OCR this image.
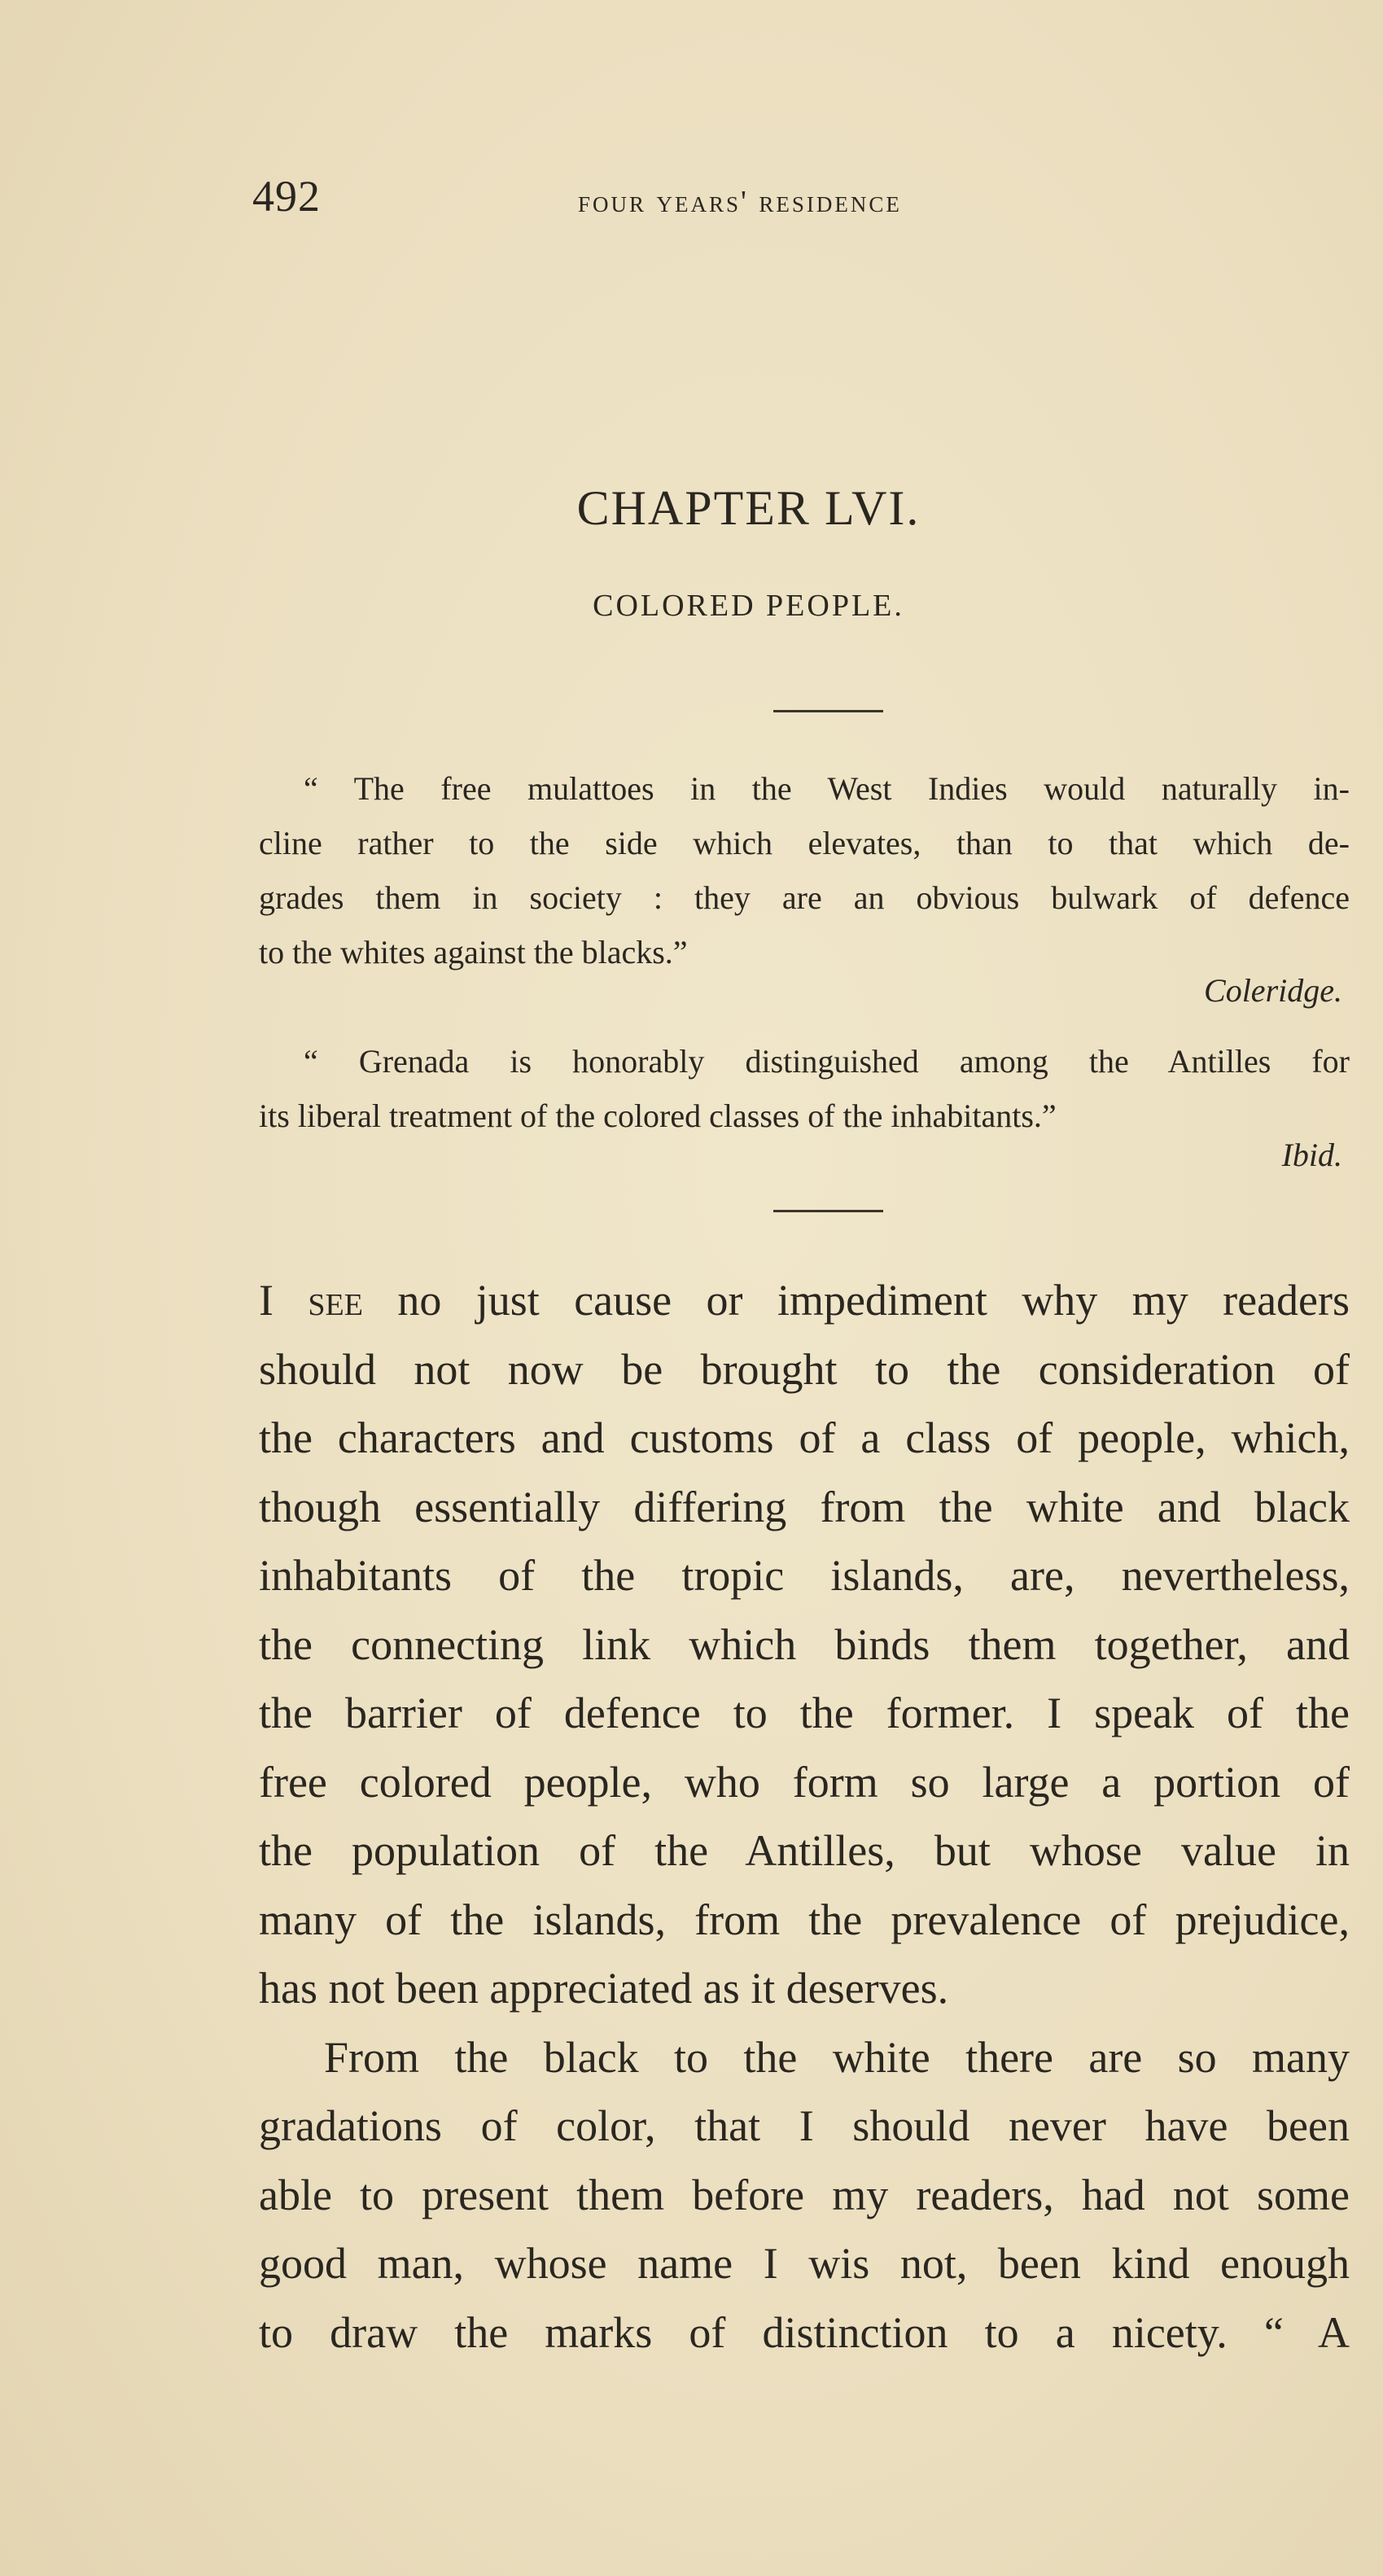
492	four years' residence
CHAPTER LVI.
COLORED PEOPLE.
“ The free mulattoes in the West Indies would naturally in-
cline rather to the side which elevates, than to that which de-
grades them in society : they are an obvious bulwark of defence
to the whites against the blacks.”
Coleridge.
“ Grenada is honorably distinguished among the Antilles for
its liberal treatment of the colored classes of the inhabitants.”
Ibid.

I see no just cause or impediment why my readers
should not now be brought to the consideration of
the characters and customs of a class of people, which,
though essentially differing from the white and black
inhabitants of the tropic islands, are, nevertheless,
the connecting link which binds them together, and
the barrier of defence to the former. I speak of the
free colored people, who form so large a portion of
the population of the Antilles, but whose value in
many of the islands, from the prevalence of prejudice,
has not been appreciated as it deserves.

From the black to the white there are so many
gradations of color, that I should never have been
able to present them before my readers, had not some
good man, whose name I wis not, been kind enough
to draw the marks of distinction to a nicety. “ A
